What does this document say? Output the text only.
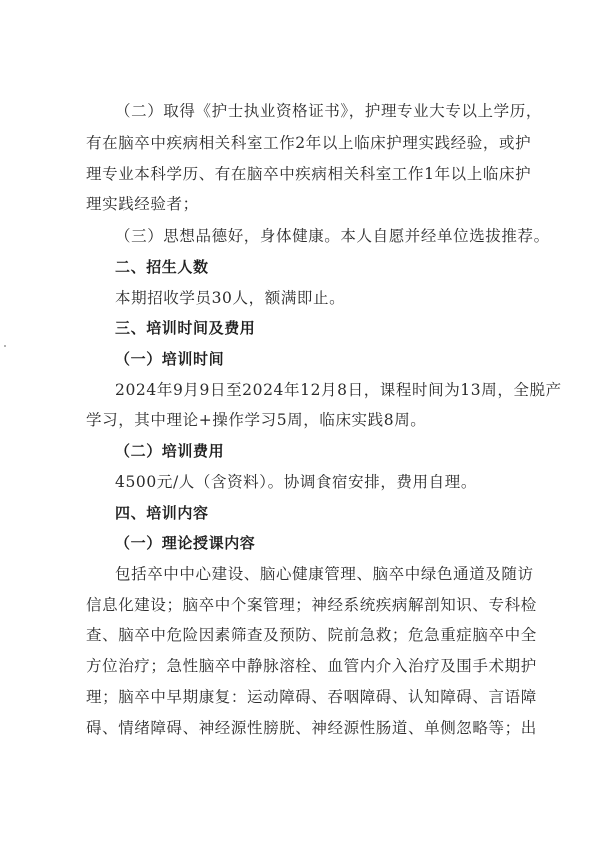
（二）取得《护士执业资格证书》，护理专业大专以上学历，
有在脑卒中疾病相关科室工作2年以上临床护理实践经验，或护
理专业本科学历、有在脑卒中疾病相关科室工作1年以上临床护
理实践经验者；
（三）思想品德好，身体健康。本人自愿并经单位选拔推荐。
二、招生人数
本期招收学员30人，额满即止。
三、培训时间及费用
（一）培训时间
2024年9月9日至2024年12月8日，课程时间为13周，全脱产
学习，其中理论+操作学习5周，临床实践8周。
（二）培训费用
4500元/人（含资料）。协调食宿安排，费用自理。
四、培训内容
（一）理论授课内容
包括卒中中心建设、脑心健康管理、脑卒中绿色通道及随访
信息化建设；脑卒中个案管理；神经系统疾病解剖知识、专科检
查、脑卒中危险因素筛查及预防、院前急救；危急重症脑卒中全
方位治疗；急性脑卒中静脉溶栓、血管内介入治疗及围手术期护
理；脑卒中早期康复：运动障碍、吞咽障碍、认知障碍、言语障
碍、情绪障碍、神经源性膀胱、神经源性肠道、单侧忽略等；出
